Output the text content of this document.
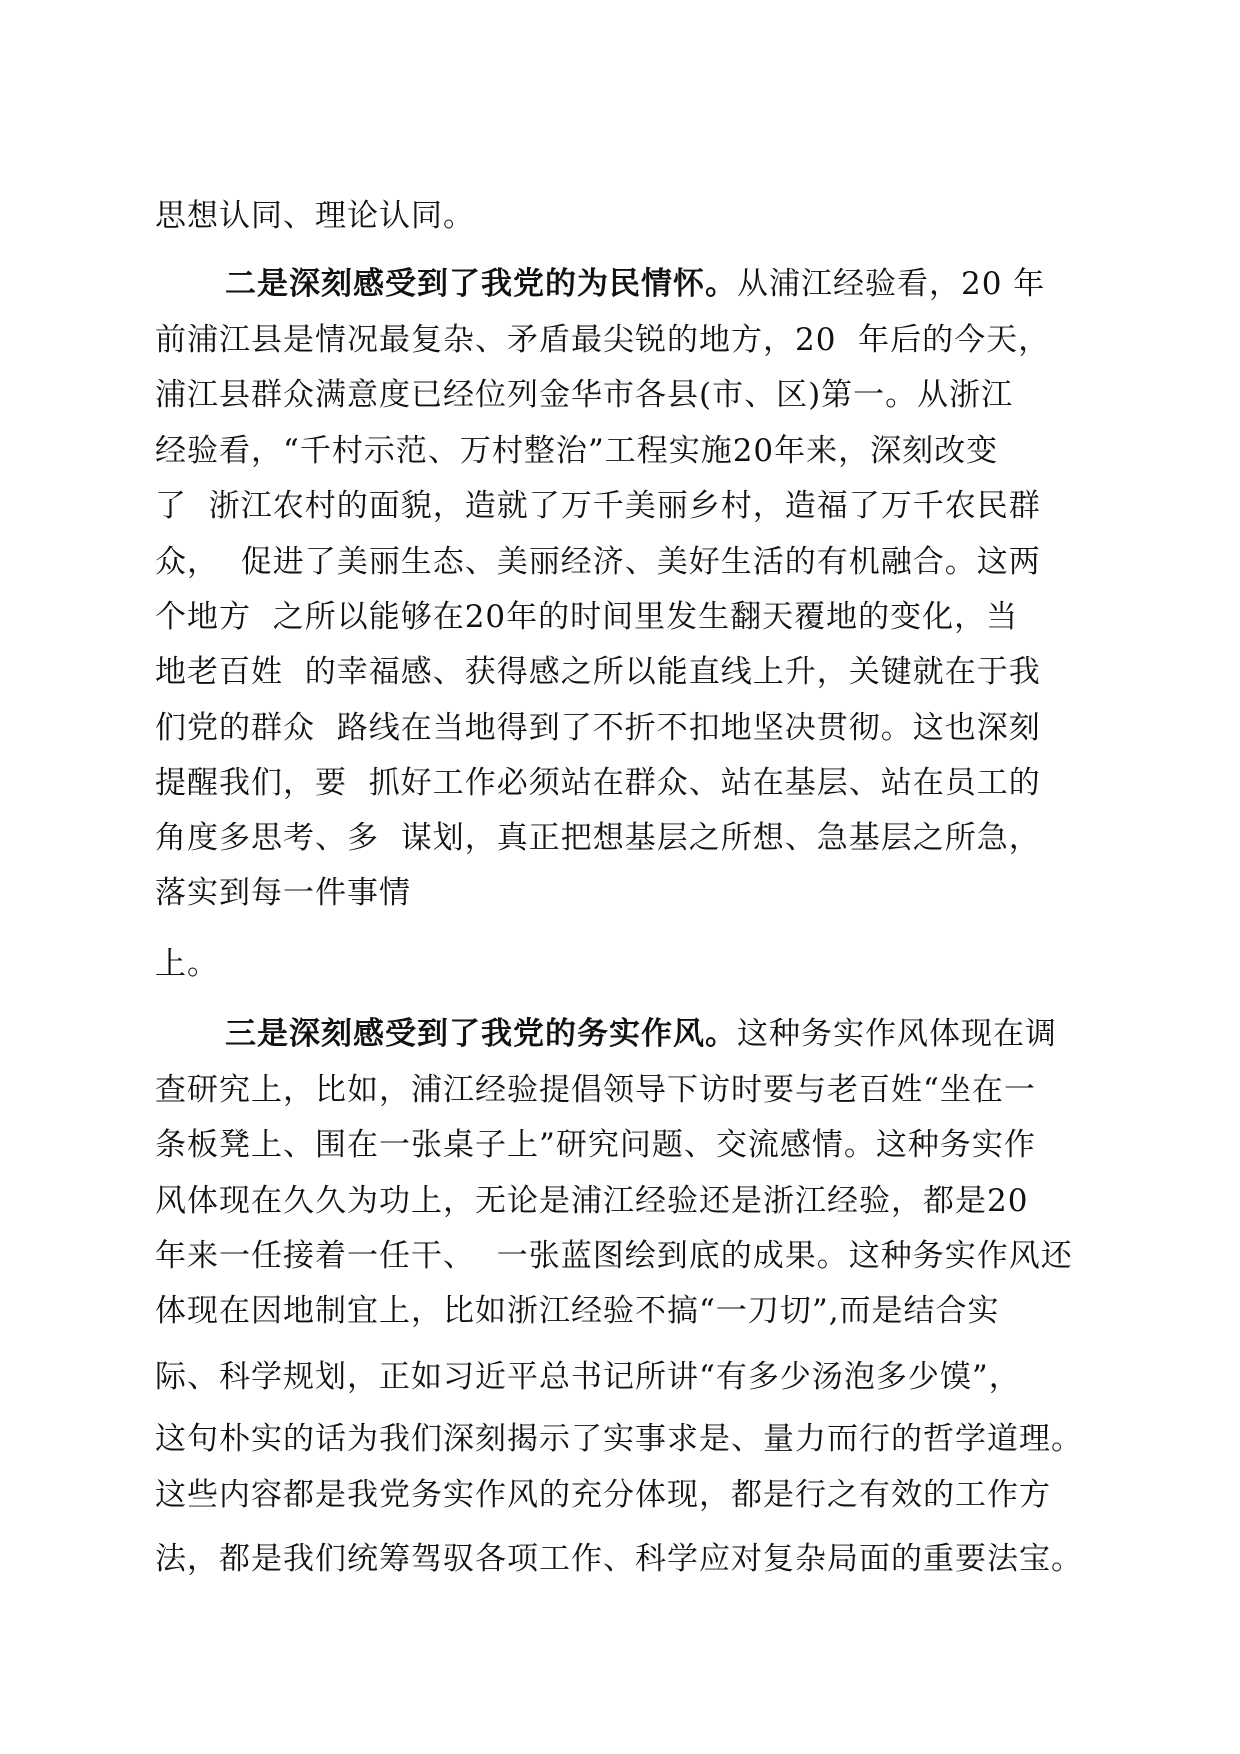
思想认同、理论认同。
二是深刻感受到了我党的为民情怀。从浦江经验看，20 年
前浦江县是情况最复杂、矛盾最尖锐的地方，20  年后的今天，
浦江县群众满意度已经位列金华市各县(市、区)第一。从浙江
经验看，“千村示范、万村整治”工程实施20年来，深刻改变
了  浙江农村的面貌，造就了万千美丽乡村，造福了万千农民群
众，  促进了美丽生态、美丽经济、美好生活的有机融合。这两
个地方  之所以能够在20年的时间里发生翻天覆地的变化，当
地老百姓  的幸福感、获得感之所以能直线上升，关键就在于我
们党的群众  路线在当地得到了不折不扣地坚决贯彻。这也深刻
提醒我们，要  抓好工作必须站在群众、站在基层、站在员工的
角度多思考、多  谋划，真正把想基层之所想、急基层之所急，
落实到每一件事情
上。
三是深刻感受到了我党的务实作风。这种务实作风体现在调
查研究上，比如，浦江经验提倡领导下访时要与老百姓“坐在一
条板凳上、围在一张桌子上”研究问题、交流感情。这种务实作
风体现在久久为功上，无论是浦江经验还是浙江经验，都是20
年来一任接着一任干、  一张蓝图绘到底的成果。这种务实作风还
体现在因地制宜上，比如浙江经验不搞“一刀切”,而是结合实
际、科学规划，正如习近平总书记所讲“有多少汤泡多少馍”，
这句朴实的话为我们深刻揭示了实事求是、量力而行的哲学道理。
这些内容都是我党务实作风的充分体现，都是行之有效的工作方
法，都是我们统筹驾驭各项工作、科学应对复杂局面的重要法宝。
